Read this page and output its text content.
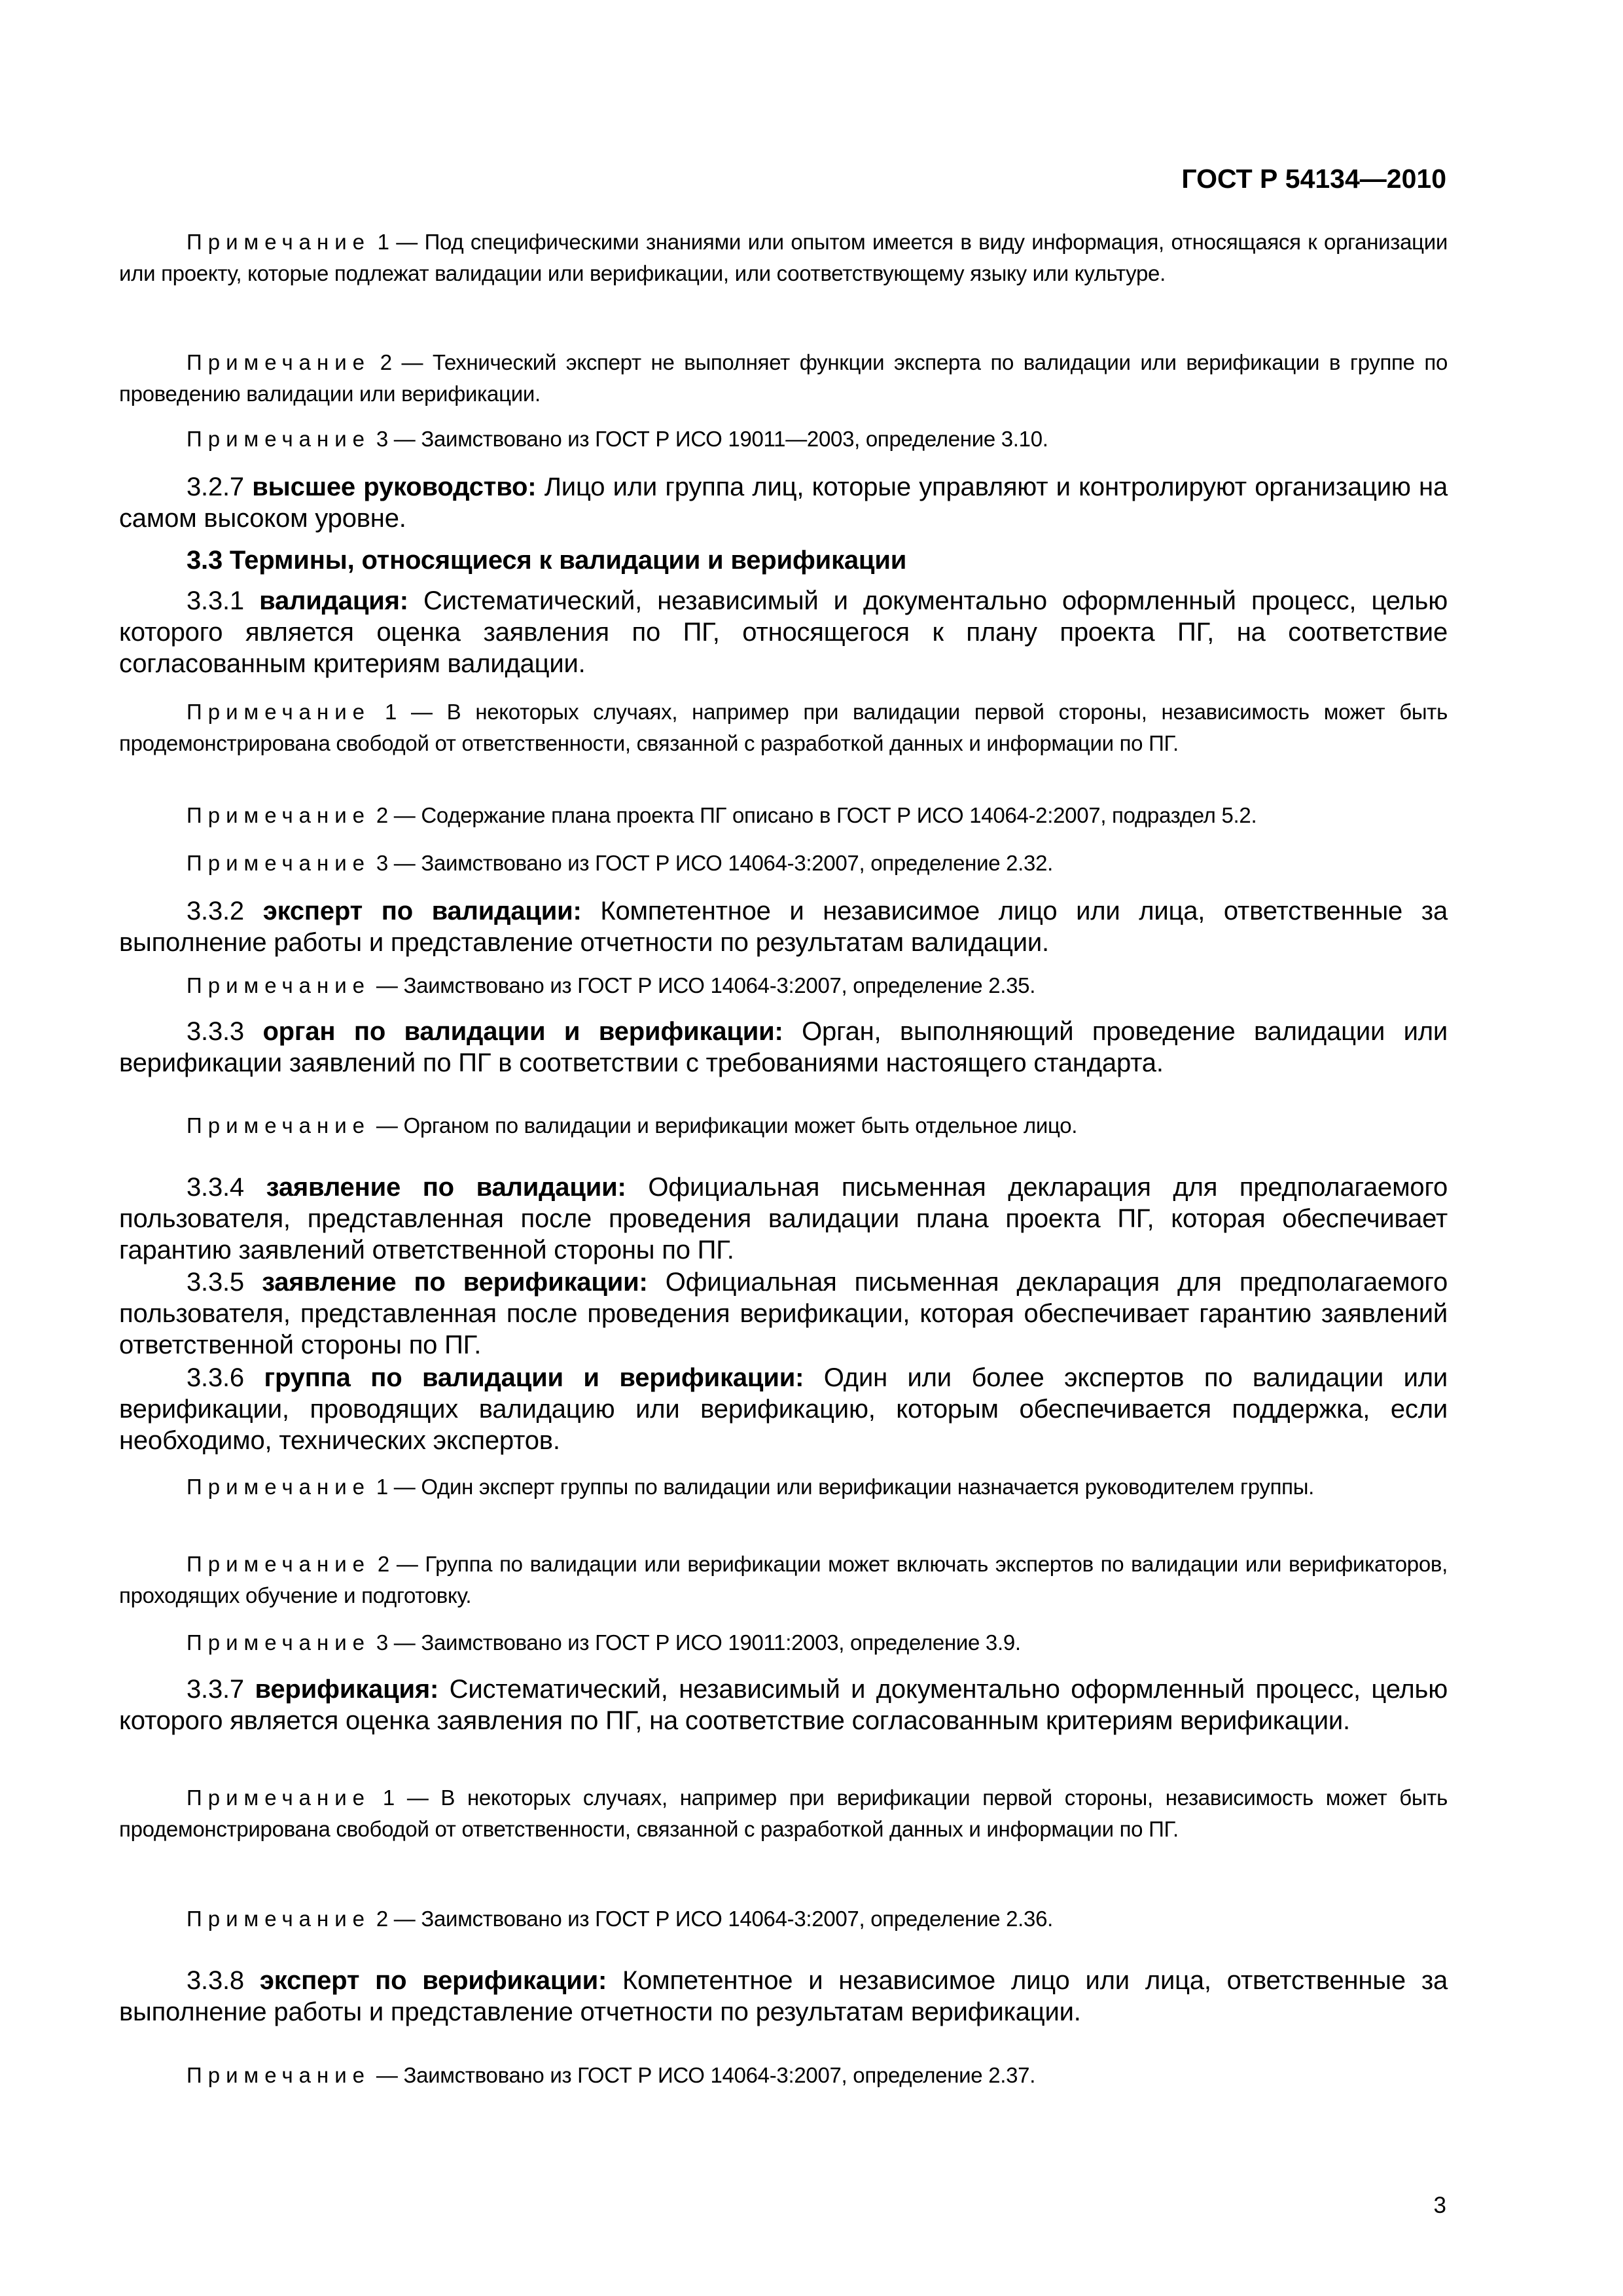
ГОСТ Р 54134—2010

Примечание 1 — Под специфическими знаниями или опытом имеется в виду информация, относящаяся к организации или проекту, которые подлежат валидации или верификации, или соответствующему языку или культуре.

Примечание 2 — Технический эксперт не выполняет функции эксперта по валидации или верификации в группе по проведению валидации или верификации.

Примечание 3 — Заимствовано из ГОСТ Р ИСО 19011—2003, определение 3.10.

3.2.7 высшее руководство: Лицо или группа лиц, которые управляют и контролируют организацию на самом высоком уровне.

3.3 Термины, относящиеся к валидации и верификации

3.3.1 валидация: Систематический, независимый и документально оформленный процесс, целью которого является оценка заявления по ПГ, относящегося к плану проекта ПГ, на соответствие согласованным критериям валидации.

Примечание 1 — В некоторых случаях, например при валидации первой стороны, независимость может быть продемонстрирована свободой от ответственности, связанной с разработкой данных и информации по ПГ.

Примечание 2 — Содержание плана проекта ПГ описано в ГОСТ Р ИСО 14064-2:2007, подраздел 5.2.

Примечание 3 — Заимствовано из ГОСТ Р ИСО 14064-3:2007, определение 2.32.

3.3.2 эксперт по валидации: Компетентное и независимое лицо или лица, ответственные за выполнение работы и представление отчетности по результатам валидации.

Примечание — Заимствовано из ГОСТ Р ИСО 14064-3:2007, определение 2.35.

3.3.3 орган по валидации и верификации: Орган, выполняющий проведение валидации или верификации заявлений по ПГ в соответствии с требованиями настоящего стандарта.

Примечание — Органом по валидации и верификации может быть отдельное лицо.

3.3.4 заявление по валидации: Официальная письменная декларация для предполагаемого пользователя, представленная после проведения валидации плана проекта ПГ, которая обеспечивает гарантию заявлений ответственной стороны по ПГ.

3.3.5 заявление по верификации: Официальная письменная декларация для предполагаемого пользователя, представленная после проведения верификации, которая обеспечивает гарантию заявлений ответственной стороны по ПГ.

3.3.6 группа по валидации и верификации: Один или более экспертов по валидации или верификации, проводящих валидацию или верификацию, которым обеспечивается поддержка, если необходимо, технических экспертов.

Примечание 1 — Один эксперт группы по валидации или верификации назначается руководителем группы.

Примечание 2 — Группа по валидации или верификации может включать экспертов по валидации или верификаторов, проходящих обучение и подготовку.

Примечание 3 — Заимствовано из ГОСТ Р ИСО 19011:2003, определение 3.9.

3.3.7 верификация: Систематический, независимый и документально оформленный процесс, целью которого является оценка заявления по ПГ, на соответствие согласованным критериям верификации.

Примечание 1 — В некоторых случаях, например при верификации первой стороны, независимость может быть продемонстрирована свободой от ответственности, связанной с разработкой данных и информации по ПГ.

Примечание 2 — Заимствовано из ГОСТ Р ИСО 14064-3:2007, определение 2.36.

3.3.8 эксперт по верификации: Компетентное и независимое лицо или лица, ответственные за выполнение работы и представление отчетности по результатам верификации.

Примечание — Заимствовано из ГОСТ Р ИСО 14064-3:2007, определение 2.37.

3
